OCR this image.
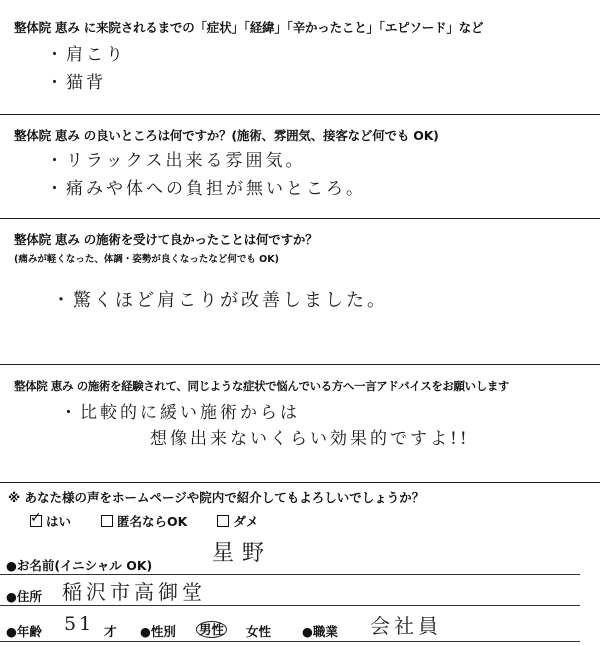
整体院 恵み に来院されるまでの「症状」「経緯」「辛かったこと」「エピソード」など
・肩こり
・猫背
整体院 恵み の良いところは何ですか？(施術、雰囲気、接客など何でも OK)
・リラックス出来る雰囲気。
・痛みや体への負担が無いところ。
整体院 恵み の施術を受けて良かったことは何ですか？
(痛みが軽くなった、体調・姿勢が良くなったなど何でも OK)
・驚くほど肩こりが改善しました。
整体院 恵み の施術を経験されて、同じような症状で悩んでいる方へ一言アドバイスをお願いします
・比較的に緩い施術からは
想像出来ないくらい効果的ですよ!!
※ あなた様の声をホームページや院内で紹介してもよろしいでしょうか？
✓
はい	匿名ならOK	ダメ
●お名前(イニシャル OK)	星野
●住所 稲沢市高御堂
●年齢 51 才 ●性別 男性 女性 ●職業 会社員
